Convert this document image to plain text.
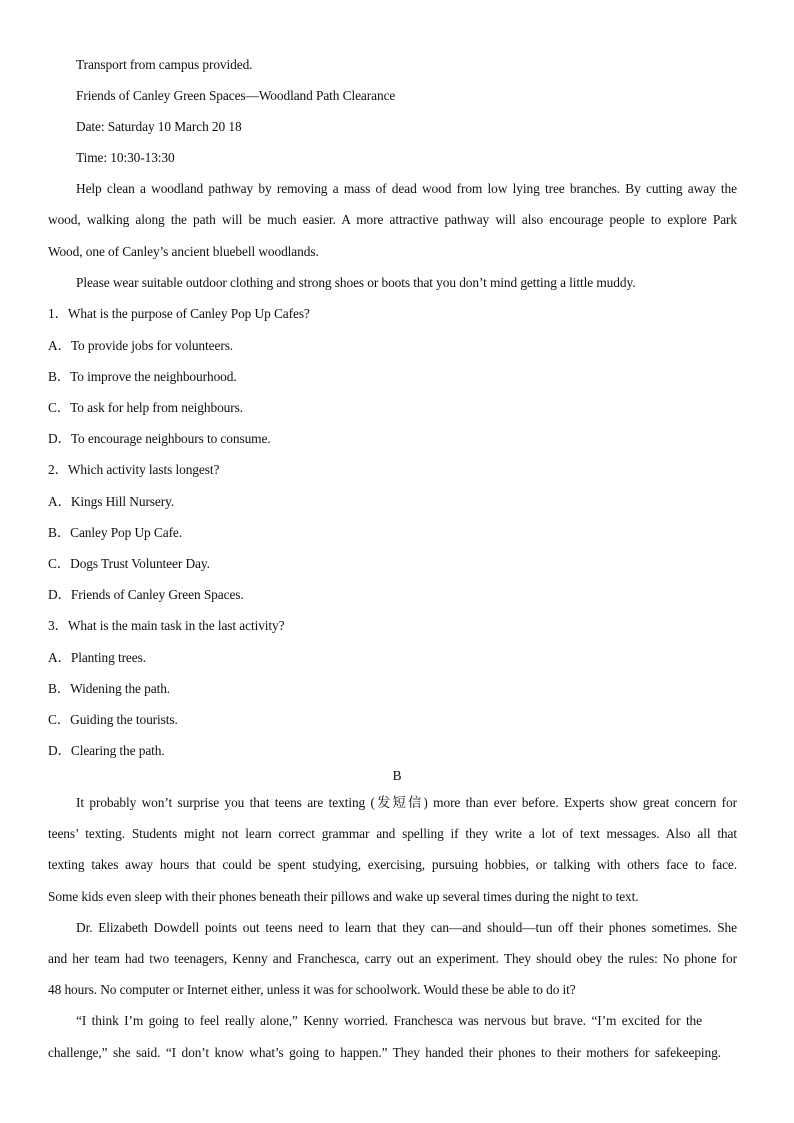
Transport from campus provided.
Friends of Canley Green Spaces—Woodland Path Clearance
Date: Saturday 10 March 20 18
Time: 10:30-13:30
Help clean a woodland pathway by removing a mass of dead wood from low lying tree branches. By cutting away the
wood, walking along the path will be much easier. A more attractive pathway will also encourage people to explore Park
Wood, one of Canley’s ancient bluebell woodlands.
Please wear suitable outdoor clothing and strong shoes or boots that you don’t mind getting a little muddy.
1．What is the purpose of Canley Pop Up Cafes?
A．To provide jobs for volunteers.
B．To improve the neighbourhood.
C．To ask for help from neighbours.
D．To encourage neighbours to consume.
2．Which activity lasts longest?
A．Kings Hill Nursery.
B．Canley Pop Up Cafe.
C．Dogs Trust Volunteer Day.
D．Friends of Canley Green Spaces.
3．What is the main task in the last activity?
A．Planting trees.
B．Widening the path.
C．Guiding the tourists.
D．Clearing the path.
B
It probably won’t surprise you that teens are texting (发短信) more than ever before. Experts show great concern for
teens’ texting. Students might not learn correct grammar and spelling if they write a lot of text messages. Also all that
texting takes away hours that could be spent studying, exercising, pursuing hobbies, or talking with others face to face.
Some kids even sleep with their phones beneath their pillows and wake up several times during the night to text.
Dr. Elizabeth Dowdell points out teens need to learn that they can—and should—tun off their phones sometimes. She
and her team had two teenagers, Kenny and Franchesca, carry out an experiment. They should obey the rules: No phone for
48 hours. No computer or Internet either, unless it was for schoolwork. Would these be able to do it?
“I think I’m going to feel really alone,” Kenny worried. Franchesca was nervous but brave. “I’m excited for the
challenge,” she said. “I don’t know what’s going to happen.” They handed their phones to their mothers for safekeeping.
